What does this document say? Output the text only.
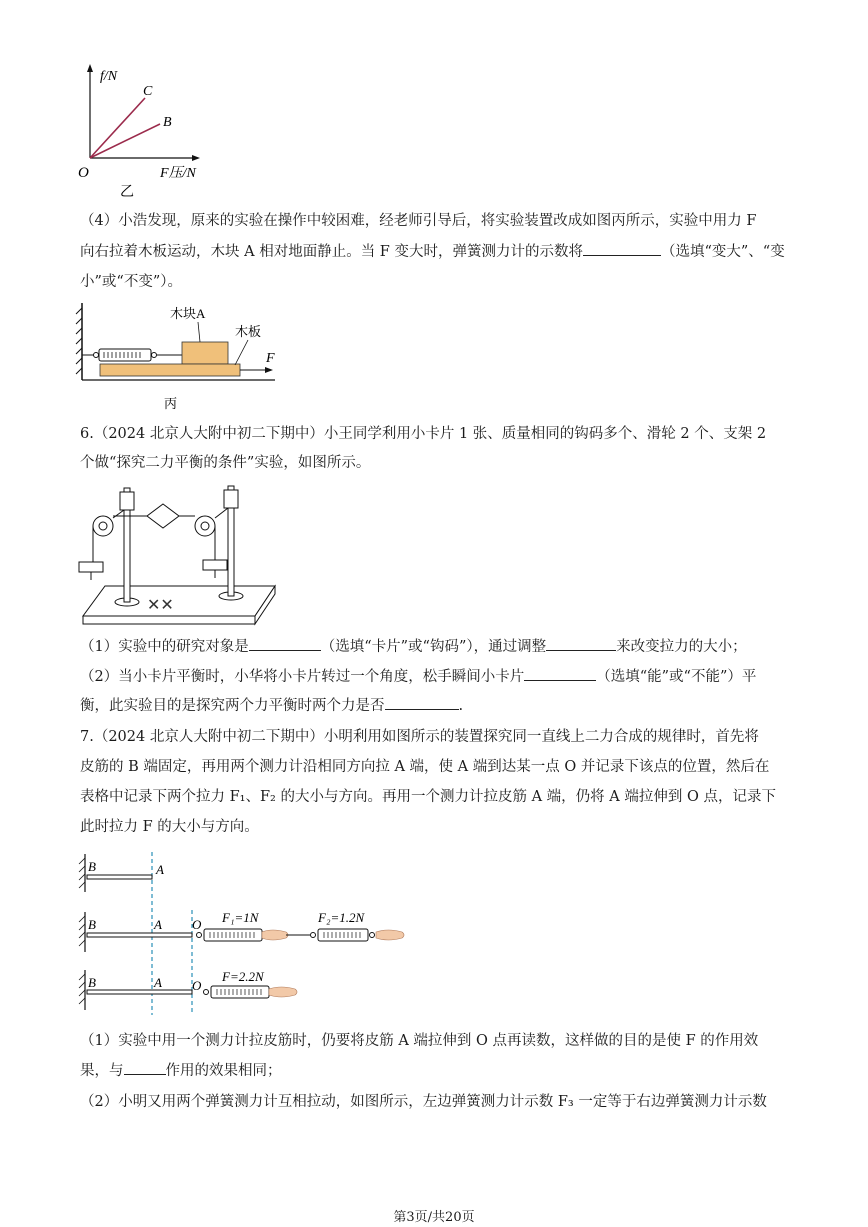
f/N
C
B
O	F压/N
乙
（4）小浩发现，原来的实验在操作中较困难，经老师引导后，将实验装置改成如图丙所示，实验中用力 F
向右拉着木板运动，木块 A 相对地面静止。当 F 变大时，弹簧测力计的示数将	（选填“变大”、“变
小”或“不变”）。
木块A
木板
F
丙
6.（2024 北京人大附中初二下期中）小王同学利用小卡片 1 张、质量相同的钩码多个、滑轮 2 个、支架 2
个做“探究二力平衡的条件”实验，如图所示。
✕✕
（1）实验中的研究对象是	（选填“卡片”或“钩码”），通过调整	来改变拉力的大小；
（2）当小卡片平衡时，小华将小卡片转过一个角度，松手瞬间小卡片	（选填“能”或“不能”）平
衡，此实验目的是探究两个力平衡时两个力是否	.
7.（2024 北京人大附中初二下期中）小明利用如图所示的装置探究同一直线上二力合成的规律时，首先将
皮筋的 B 端固定，再用两个测力计沿相同方向拉 A 端，使 A 端到达某一点 O 并记录下该点的位置，然后在
表格中记录下两个拉力 F₁、F₂ 的大小与方向。再用一个测力计拉皮筋 A 端，仍将 A 端拉伸到 O 点，记录下
此时拉力 F 的大小与方向。
B	A
B	A O F₁=1N	F₂=1.2N
B	A O
F=2.2N
（1）实验中用一个测力计拉皮筋时，仍要将皮筋 A 端拉伸到 O 点再读数，这样做的目的是使 F 的作用效
果，与	作用的效果相同；
（2）小明又用两个弹簧测力计互相拉动，如图所示，左边弹簧测力计示数 F₃ 一定等于右边弹簧测力计示数
第3页/共20页
